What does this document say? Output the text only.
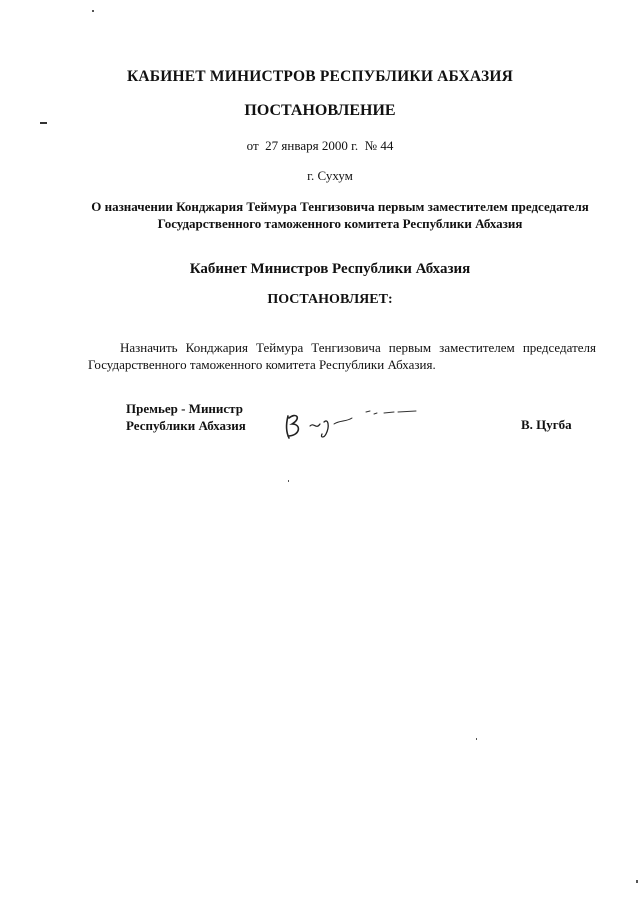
КАБИНЕТ МИНИСТРОВ РЕСПУБЛИКИ АБХАЗИЯ
ПОСТАНОВЛЕНИЕ
от  27 января 2000 г.  № 44
г. Сухум
О назначении Конджария Теймура Тенгизовича первым заместителем председателя
Государственного таможенного комитета Республики Абхазия
Кабинет Министров Республики Абхазия
ПОСТАНОВЛЯЕТ:
Назначить Конджария Теймура Тенгизовича первым заместителем председателя Государственного таможенного комитета Республики Абхазия.
Премьер - Министр
Республики Абхазия	В. Цугба
